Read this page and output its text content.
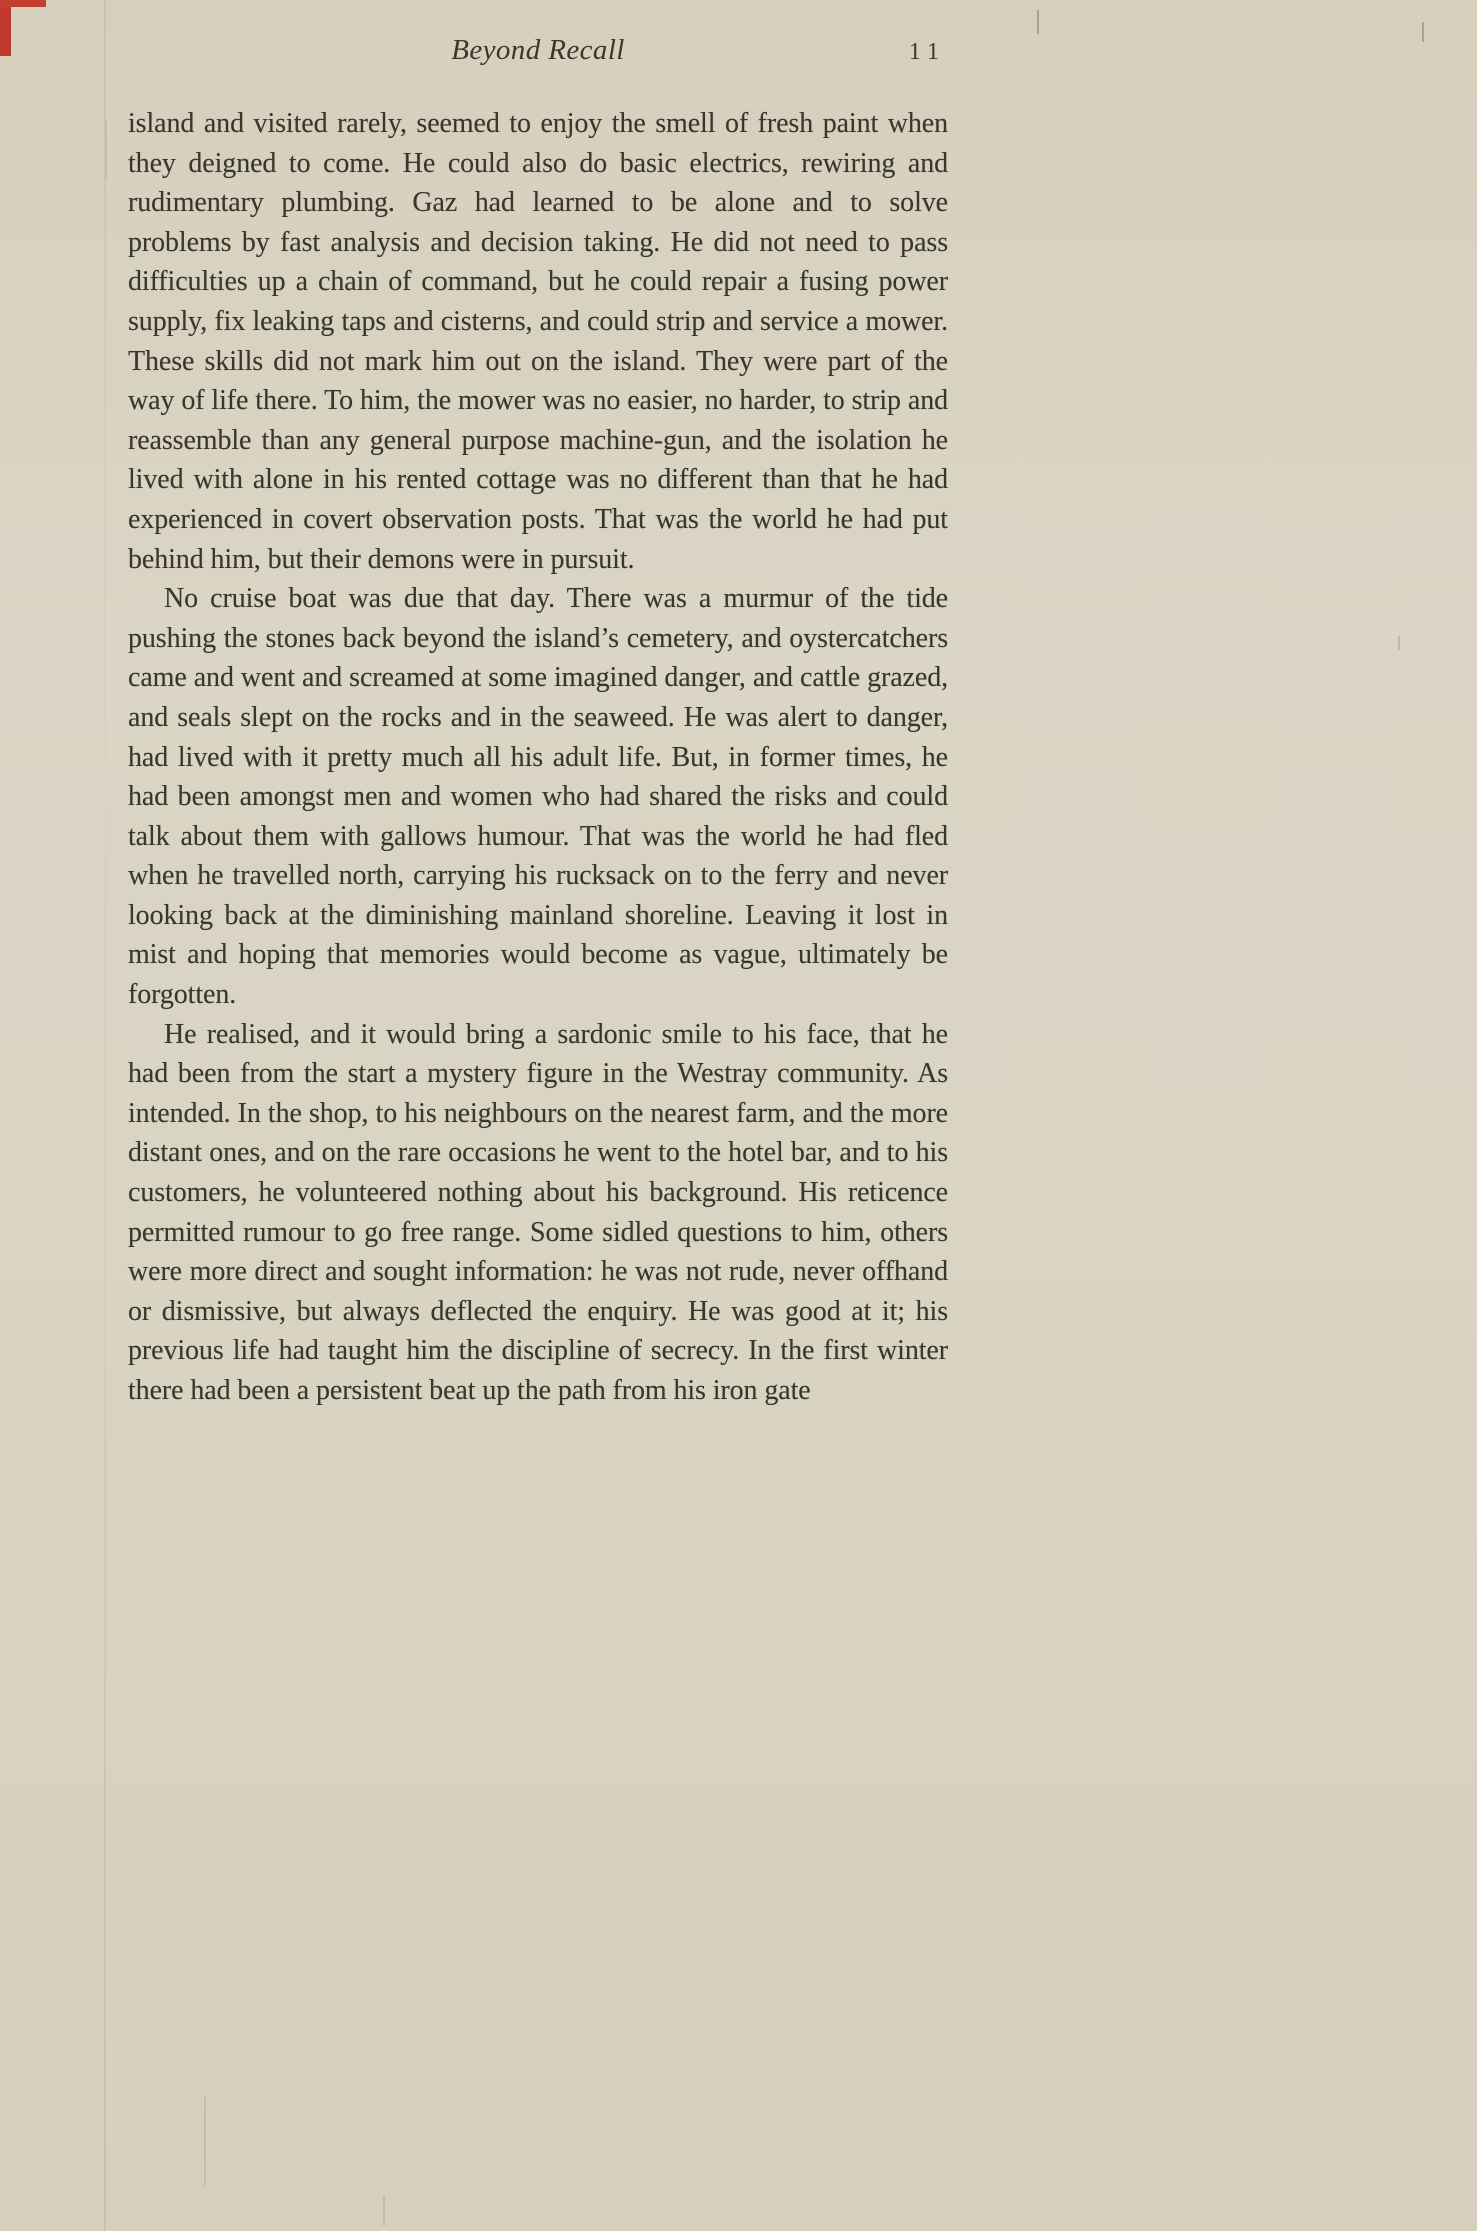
Beyond Recall	11

island and visited rarely, seemed to enjoy the smell of fresh paint when they deigned to come. He could also do basic electrics, rewiring and rudimentary plumbing. Gaz had learned to be alone and to solve problems by fast analysis and decision taking. He did not need to pass difficulties up a chain of command, but he could repair a fusing power supply, fix leaking taps and cisterns, and could strip and service a mower. These skills did not mark him out on the island. They were part of the way of life there. To him, the mower was no easier, no harder, to strip and reassemble than any general purpose machine-gun, and the isolation he lived with alone in his rented cottage was no different than that he had experienced in covert observation posts. That was the world he had put behind him, but their demons were in pursuit.

No cruise boat was due that day. There was a murmur of the tide pushing the stones back beyond the island’s cemetery, and oystercatchers came and went and screamed at some imagined danger, and cattle grazed, and seals slept on the rocks and in the seaweed. He was alert to danger, had lived with it pretty much all his adult life. But, in former times, he had been amongst men and women who had shared the risks and could talk about them with gallows humour. That was the world he had fled when he travelled north, carrying his rucksack on to the ferry and never looking back at the diminishing mainland shoreline. Leaving it lost in mist and hoping that memories would become as vague, ultimately be forgotten.

He realised, and it would bring a sardonic smile to his face, that he had been from the start a mystery figure in the Westray community. As intended. In the shop, to his neighbours on the nearest farm, and the more distant ones, and on the rare occasions he went to the hotel bar, and to his customers, he volunteered nothing about his background. His reticence permitted rumour to go free range. Some sidled questions to him, others were more direct and sought information: he was not rude, never offhand or dismissive, but always deflected the enquiry. He was good at it; his previous life had taught him the discipline of secrecy. In the first winter there had been a persistent beat up the path from his iron gate
